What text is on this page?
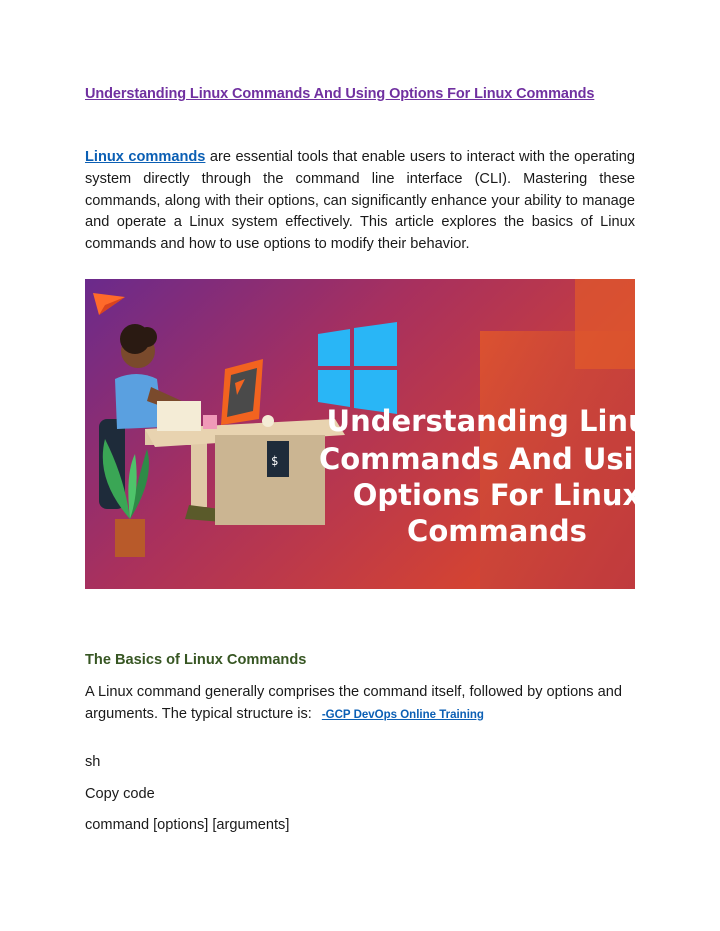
Understanding Linux Commands And Using Options For Linux Commands

Linux commands are essential tools that enable users to interact with the operating system directly through the command line interface (CLI). Mastering these commands, along with their options, can significantly enhance your ability to manage and operate a Linux system effectively. This article explores the basics of Linux commands and how to use options to modify their behavior.

$
Understanding Linux
Commands And Using
Options For Linux
Commands
The Basics of Linux Commands

A Linux command generally comprises the command itself, followed by options and arguments. The typical structure is: -GCP DevOps Online Training

sh
Copy code
command [options] [arguments]
